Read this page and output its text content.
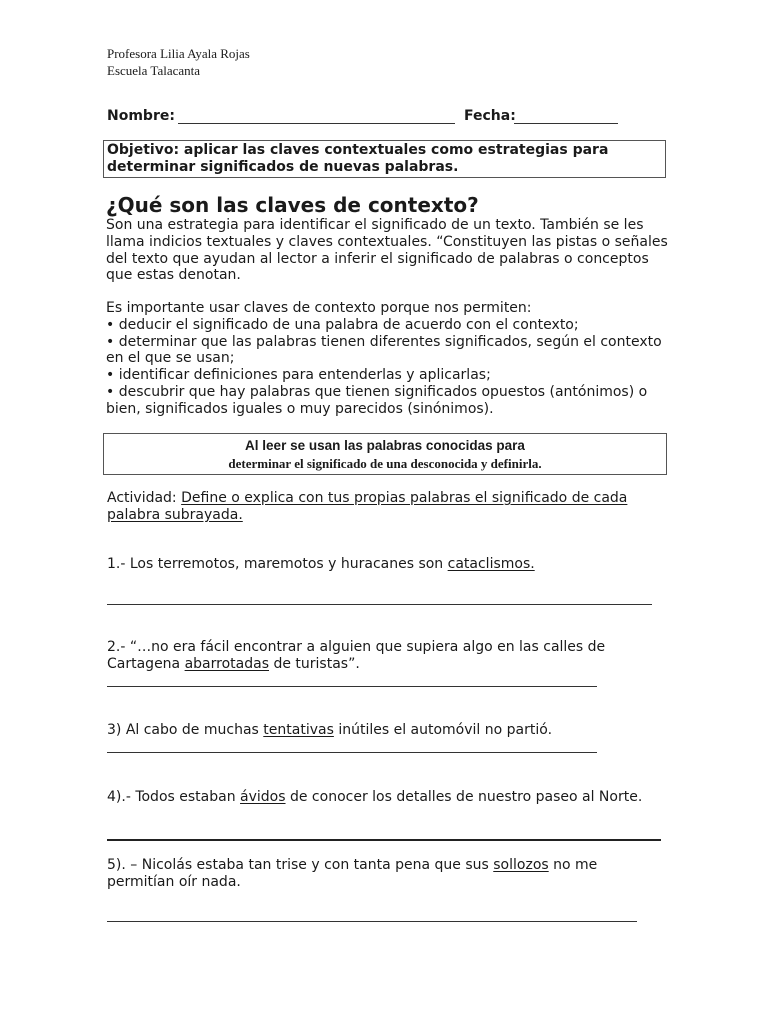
Profesora Lilia Ayala Rojas
Escuela Talacanta
Nombre:	Fecha:
Objetivo: aplicar las claves contextuales como estrategias para
determinar significados de nuevas palabras.
¿Qué son las claves de contexto?
Son una estrategia para identificar el significado de un texto. También se les
llama indicios textuales y claves contextuales. “Constituyen las pistas o señales
del texto que ayudan al lector a inferir el significado de palabras o conceptos
que estas denotan.
Es importante usar claves de contexto porque nos permiten:
• deducir el significado de una palabra de acuerdo con el contexto;
• determinar que las palabras tienen diferentes significados, según el contexto
en el que se usan;
• identificar definiciones para entenderlas y aplicarlas;
• descubrir que hay palabras que tienen significados opuestos (antónimos) o
bien, significados iguales o muy parecidos (sinónimos).
Al leer se usan las palabras conocidas para
determinar el significado de una desconocida y definirla.
Actividad: Define o explica con tus propias palabras el significado de cada
palabra subrayada.
1.- Los terremotos, maremotos y huracanes son cataclismos.
2.- “…no era fácil encontrar a alguien que supiera algo en las calles de
Cartagena abarrotadas de turistas”.
3) Al cabo de muchas tentativas inútiles el automóvil no partió.
4).- Todos estaban ávidos de conocer los detalles de nuestro paseo al Norte.
5). – Nicolás estaba tan trise y con tanta pena que sus sollozos no me
permitían oír nada.
